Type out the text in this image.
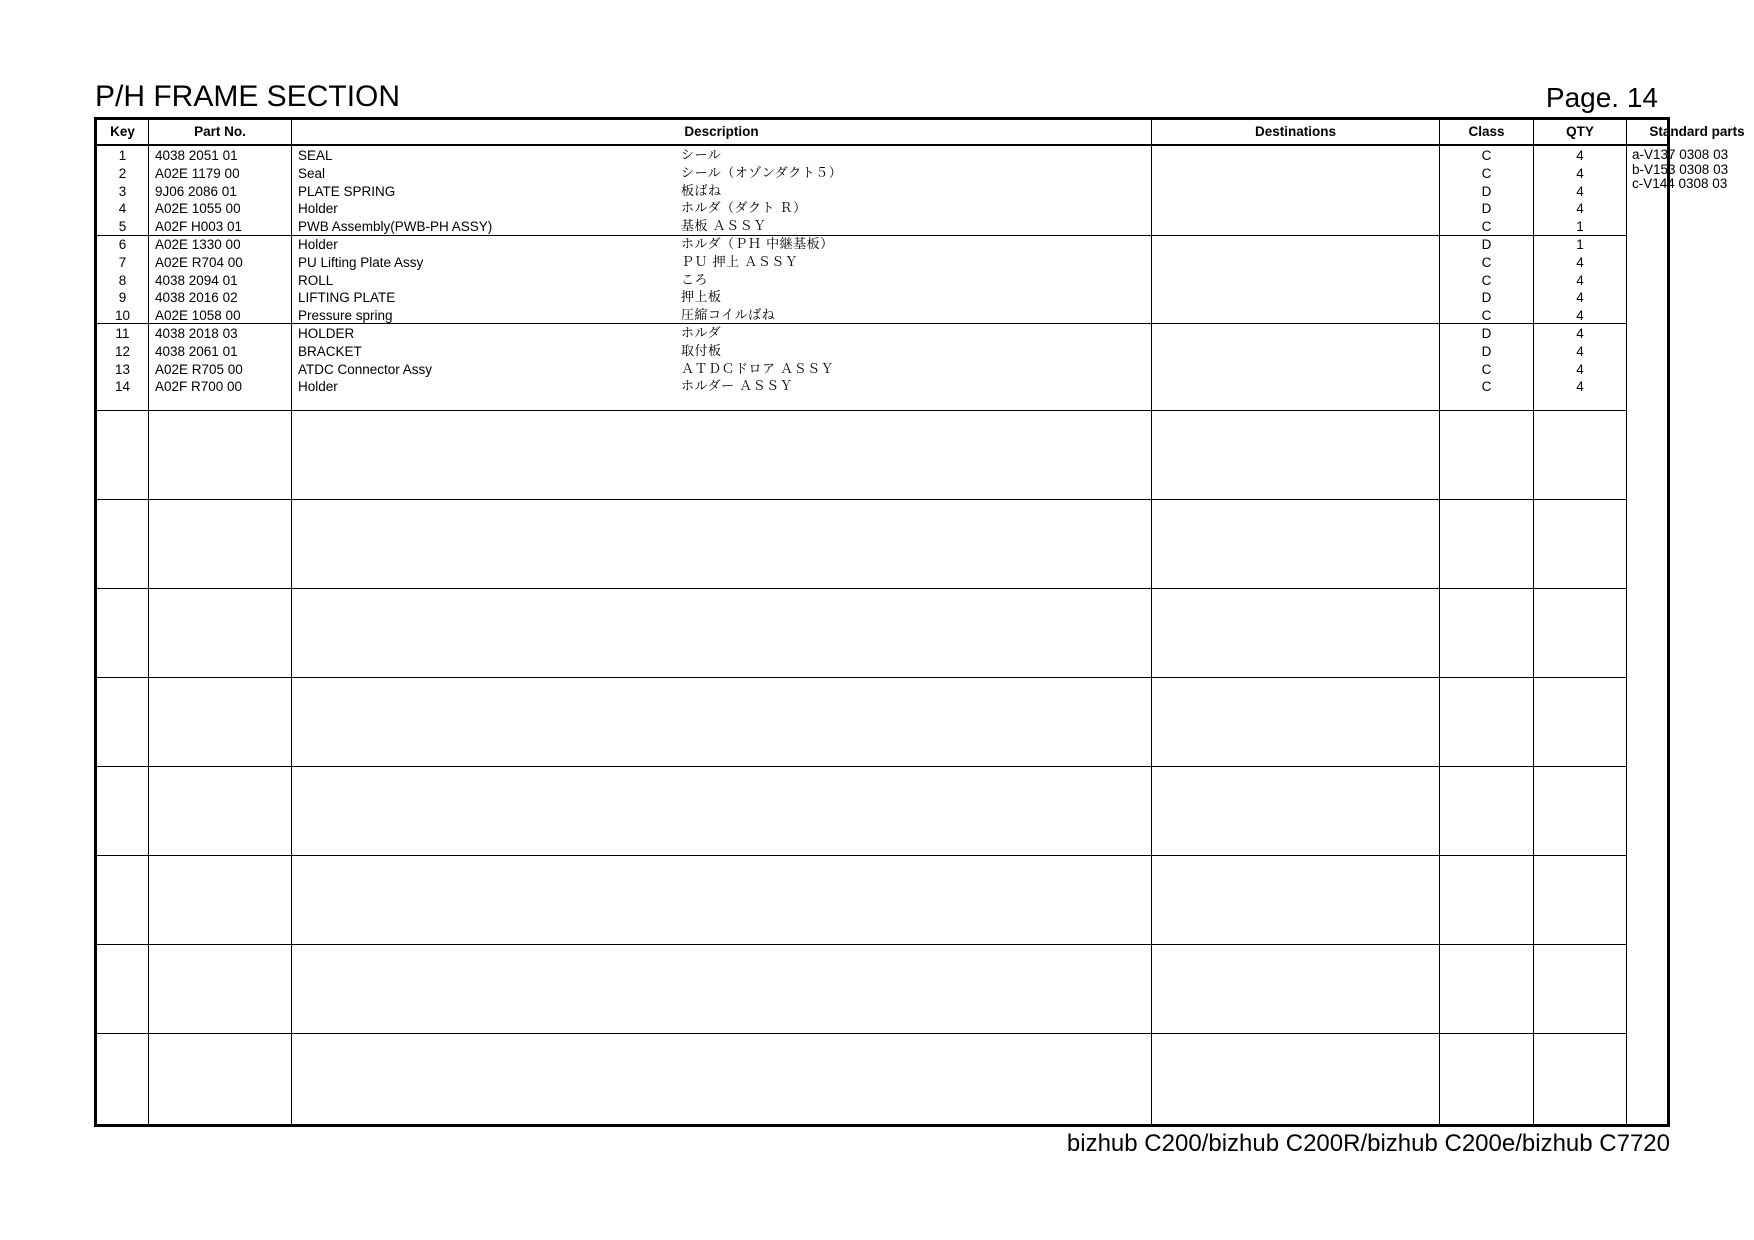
P/H FRAME SECTION	Page. 14
Key	Part No.	Description	Destinations	Class	QTY	Standard parts
a-V137 0308 03
b-V153 0308 03
c-V144 0308 03
1	4038 2051 01	SEAL	シール	C	4
2	A02E 1179 00	Seal	シール（オゾンダクト５）	C	4
3	9J06 2086 01	PLATE SPRING	板ばね	D	4
4	A02E 1055 00	Holder	ホルダ（ダクト Ｒ）	D	4
5	A02F H003 01	PWB Assembly(PWB-PH ASSY)	基板 ＡＳＳＹ	C	1
6	A02E 1330 00	Holder	ホルダ（ＰＨ 中継基板）	D	1
7	A02E R704 00	PU Lifting Plate Assy	ＰＵ 押上 ＡＳＳＹ	C	4
8	4038 2094 01	ROLL	ころ	C	4
9	4038 2016 02	LIFTING PLATE	押上板	D	4
10	A02E 1058 00	Pressure spring	圧縮コイルばね	C	4
11	4038 2018 03	HOLDER	ホルダ	D	4
12	4038 2061 01	BRACKET	取付板	D	4
13	A02E R705 00	ATDC Connector Assy	ＡＴＤＣドロア ＡＳＳＹ	C	4
14	A02F R700 00	Holder	ホルダー ＡＳＳＹ	C	4
bizhub C200/bizhub C200R/bizhub C200e/bizhub C7720
